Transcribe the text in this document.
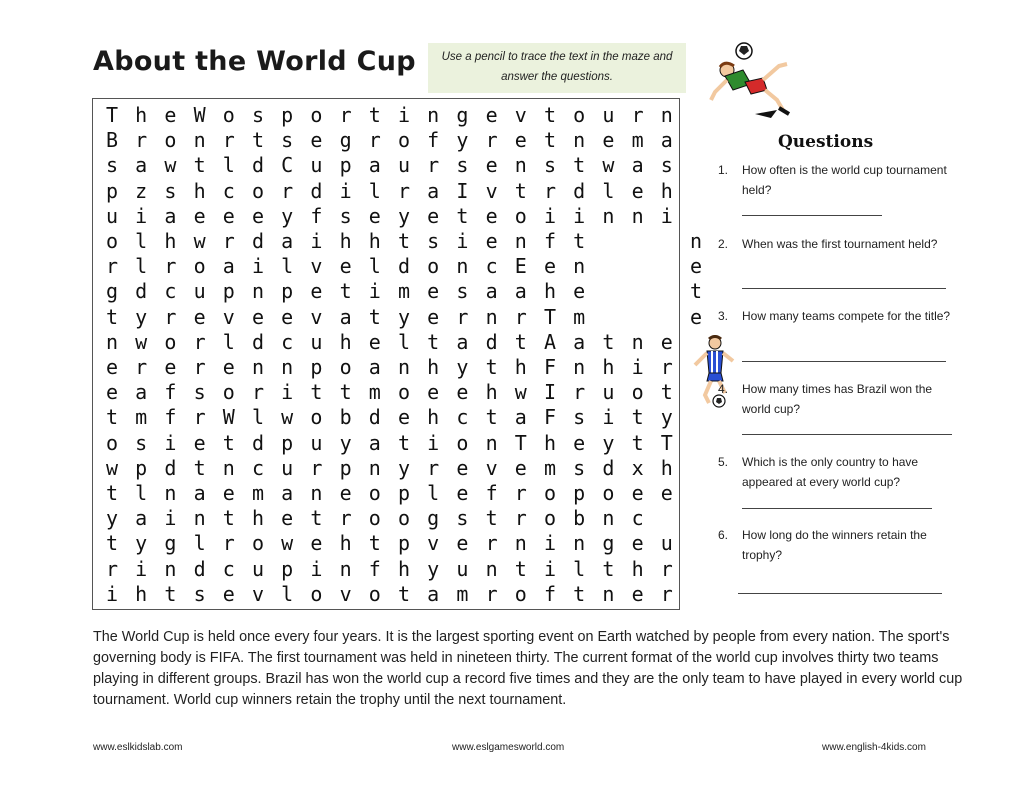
About the World Cup	Use a pencil to trace the text in the maze and answer the questions.
T h e W o s p o r t i n g e v t o u r n
B r o n r t s e g r o f y r e t n e m a
s a w t l d C u p a u r s e n s t w a s
p z s h c o r d i l r a I v t r d l e h
u i a e e e y f s e y e t e o i i n n i
o l h w r d a i h h t s i e n f t	n
r l r o a i l v e l d o n c E e n	e
g d c u p n p e t i m e s a a h e	t
t y r e v e e v a t y e r n r T m	e
n w o r l d c u h e l t a d t A a t n e
e r e r e n n p o a n h y t h F n h i r
e a f s o r i t t m o e e h w I r u o t
t m f r W l w o b d e h c t a F s i t y
o s i e t d p u y a t i o n T h e y t T
w p d t n c u r p n y r e v e m s d x h
t l n a e m a n e o p l e f r o p o e e
y a i n t h e t r o o g s t r o b n c
t y g l r o w e h t p v e r n i n g e u
r i n d c u p i n f h y u n t i l t h r
i h t s e v l o v o t a m r o f t n e r
Questions
1. How often is the world cup tournament held?
2. When was the first tournament held?
3. How many teams compete for the title?
4. How many times has Brazil won the world cup?
5. Which is the only country to have appeared at every world cup?
6. How long do the winners retain the trophy?
The World Cup is held once every four years. It is the largest sporting event on Earth watched by people from every nation. The sport's governing body is FIFA. The first tournament was held in nineteen thirty. The current format of the world cup involves thirty two teams playing in different groups. Brazil has won the world cup a record five times and they are the only team to have played in every world cup tournament. World cup winners retain the trophy until the next tournament.
www.eslkidslab.com	www.eslgamesworld.com	www.english-4kids.com
